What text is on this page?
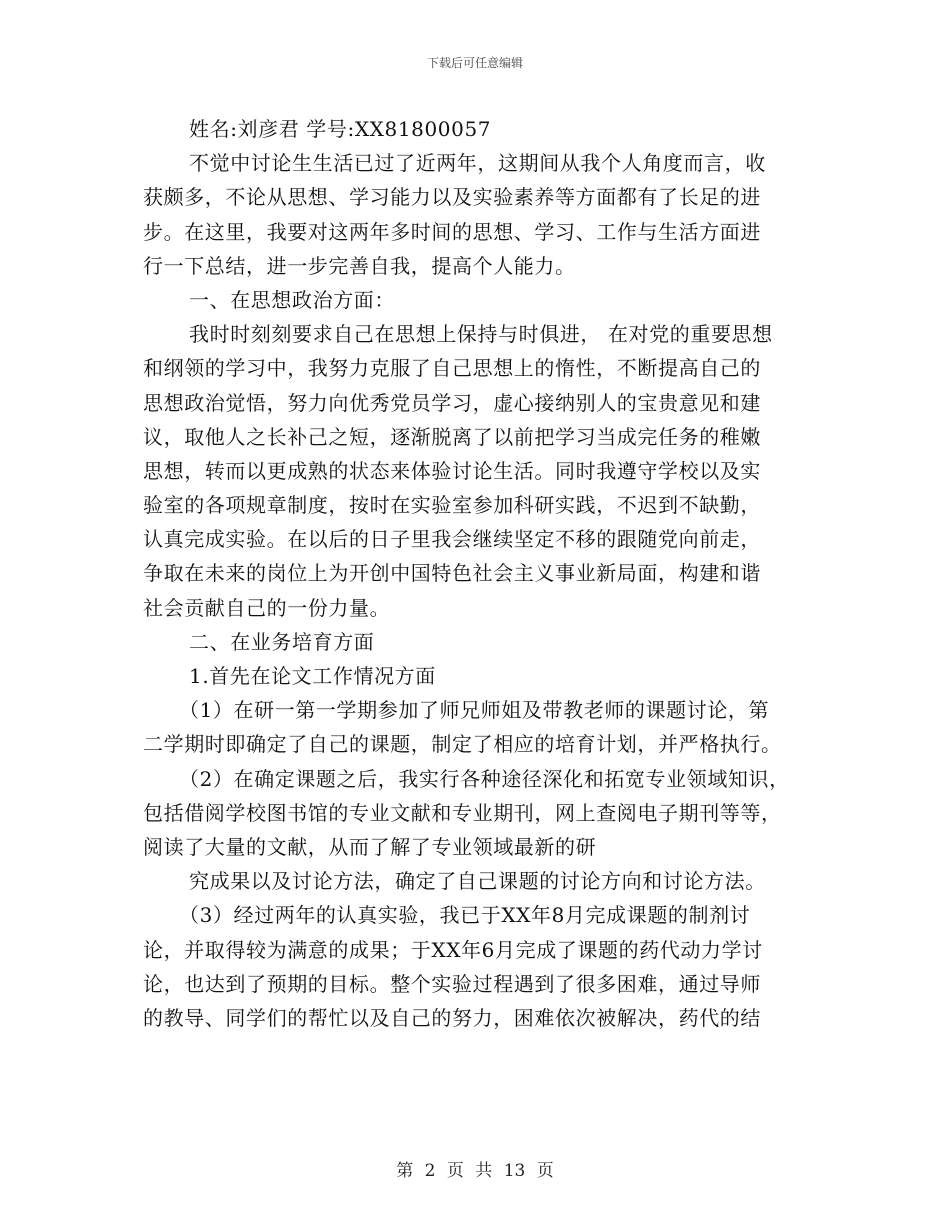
下载后可任意编辑
姓名:刘彦君 学号:XX81800057
不觉中讨论生生活已过了近两年，这期间从我个人角度而言，收
获颇多，不论从思想、学习能力以及实验素养等方面都有了长足的进
步。在这里，我要对这两年多时间的思想、学习、工作与生活方面进
行一下总结，进一步完善自我，提高个人能力。
一、在思想政治方面：
我时时刻刻要求自己在思想上保持与时俱进， 在对党的重要思想
和纲领的学习中，我努力克服了自己思想上的惰性，不断提高自己的
思想政治觉悟，努力向优秀党员学习，虚心接纳别人的宝贵意见和建
议，取他人之长补己之短，逐渐脱离了以前把学习当成完任务的稚嫩
思想，转而以更成熟的状态来体验讨论生活。同时我遵守学校以及实
验室的各项规章制度，按时在实验室参加科研实践，不迟到不缺勤，
认真完成实验。在以后的日子里我会继续坚定不移的跟随党向前走，
争取在未来的岗位上为开创中国特色社会主义事业新局面，构建和谐
社会贡献自己的一份力量。
二、在业务培育方面
1.首先在论文工作情况方面
（1）在研一第一学期参加了师兄师姐及带教老师的课题讨论，第
二学期时即确定了自己的课题，制定了相应的培育计划，并严格执行。
（2）在确定课题之后，我实行各种途径深化和拓宽专业领域知识，
包括借阅学校图书馆的专业文献和专业期刊，网上查阅电子期刊等等，
阅读了大量的文献，从而了解了专业领域最新的研
究成果以及讨论方法，确定了自己课题的讨论方向和讨论方法。
（3）经过两年的认真实验，我已于XX年8月完成课题的制剂讨
论，并取得较为满意的成果；于XX年6月完成了课题的药代动力学讨
论，也达到了预期的目标。整个实验过程遇到了很多困难，通过导师
的教导、同学们的帮忙以及自己的努力，困难依次被解决，药代的结
第 2 页 共 13 页
